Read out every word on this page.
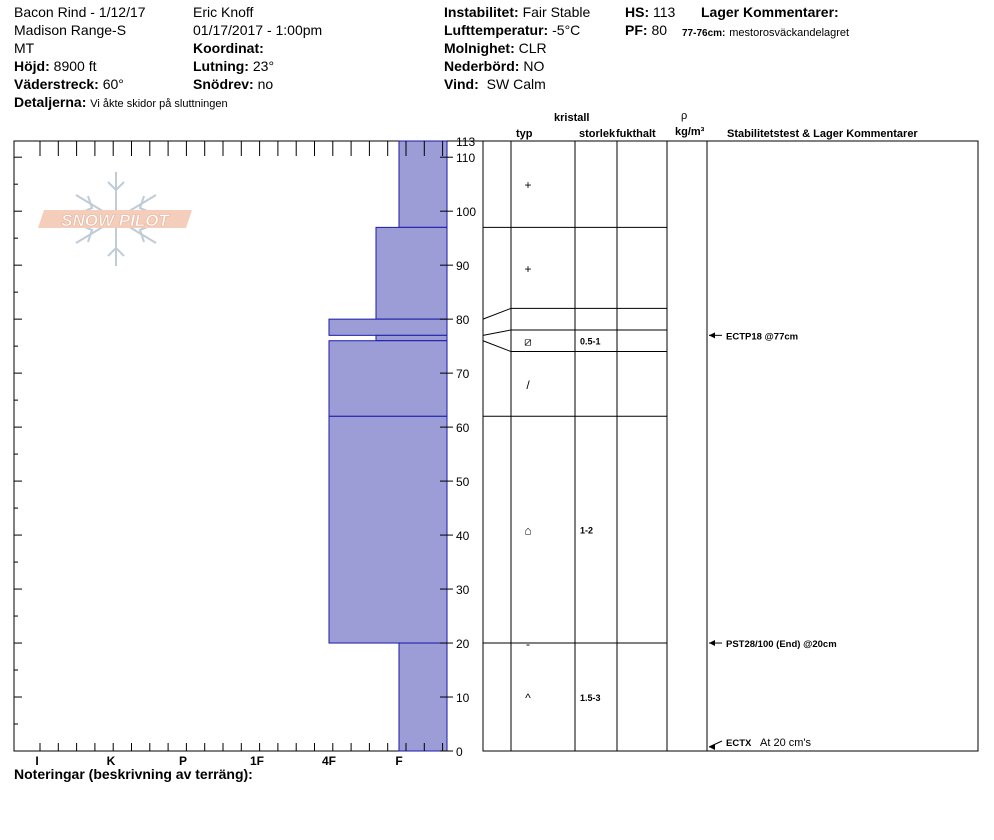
Bacon Rind - 1/12/17
Madison Range-S
MT
Höjd: 8900 ft
Väderstreck: 60°
Detaljerna: Vi åkte skidor på sluttningen
Eric Knoff
01/17/2017 - 1:00pm
Koordinat:
Lutning: 23°
Snödrev: no
Instabilitet: Fair Stable
Lufttemperatur: -5°C
Molnighet: CLR
Nederbörd: NO
Vind: SW Calm
HS: 113
PF: 80
Lager Kommentarer:
77-76cm: mestorosväckandelagret
kristall
typ	storlek fukthalt
ρ
kg/m³ Stabilitetstest & Lager Kommentarer
SNOW PILOT
0
10
20
30
40
50
60
70
80
90
100
110
113
I	K	P	1F	4F	F
+
+
⧄	0.5-1
/
⌂	1-2
-
^	1.5-3
ECTP18 @77cm
PST28/100 (End) @20cm
ECTX At 20 cm's
Noteringar (beskrivning av terräng):
